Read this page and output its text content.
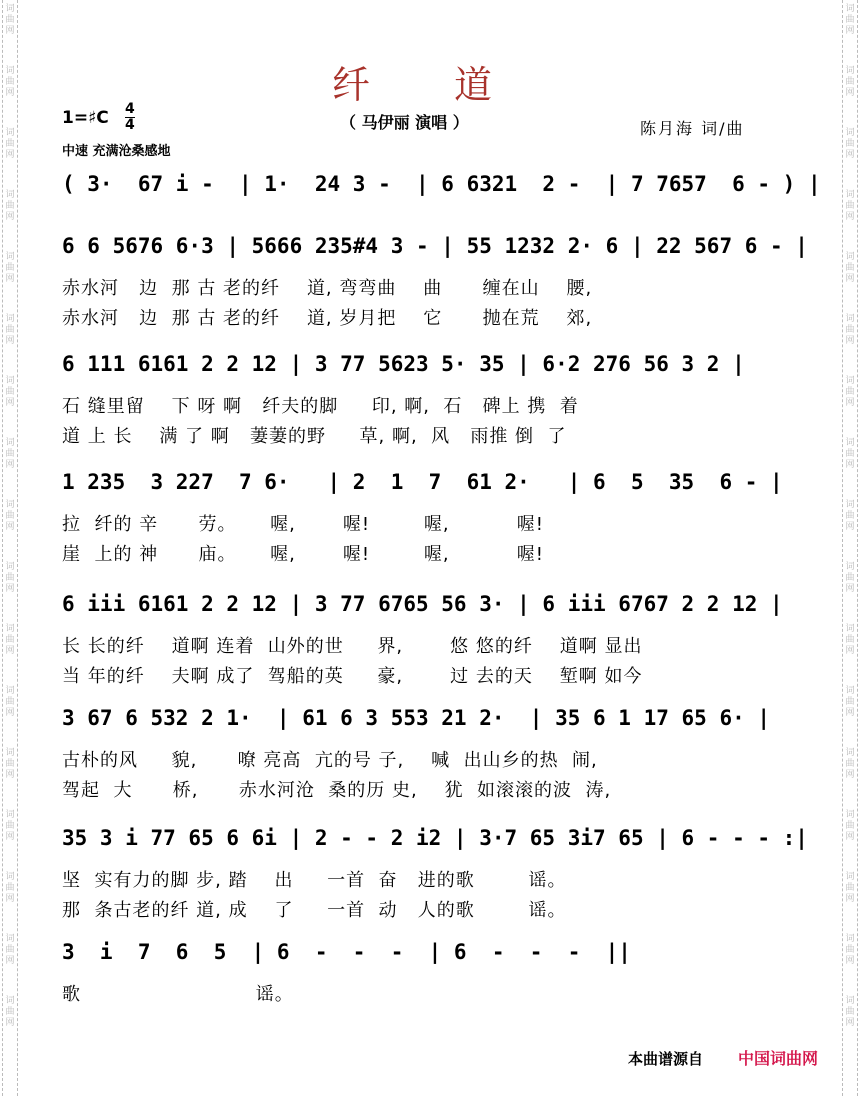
词
曲
网
词
曲
网
词
曲
网
词
曲
网
词
曲
网
词
曲
网
词
曲
网
词
曲
网
词
曲
网
词
曲
网
词
曲
网
词
曲
网
词
曲
网
词
曲
网
词
曲
网
词
曲
网
词
曲
网
词
曲
网
词
曲
网
词
曲
网
词
曲
网
词
曲
网
词
曲
网
词
曲
网
词
曲
网
词
曲
网
词
曲
网
词
曲
网
词
曲
网
词
曲
网
词
曲
网
词
曲
网
词
曲
网
词
曲
网
纤 道
1=♯C 4
4	（ 马伊丽 演唱 ）	陈月海 词/曲
中速 充满沧桑感地
( 3·  67 i -  | 1·  24 3 -  | 6 6321  2 -  | 7 7657  6 - ) |
6 6 5676 6·3 | 5666 235#4 3 - | 55 1232 2· 6 | 22 567 6 - |
赤水河   边  那 古 老的纤    道, 弯弯曲    曲      缠在山    腰,
赤水河   边  那 古 老的纤    道, 岁月把    它      抛在荒    郊,
6 111 6161 2 2 12 | 3 77 5623 5· 35 | 6·2 276 56 3 2 |
石 缝里留    下 呀 啊   纤夫的脚     印, 啊,  石   碑上 携  着
道 上 长    满 了 啊   萋萋的野     草, 啊,  风   雨推 倒  了
1 235  3 227  7 6·   | 2  1  7  61 2·   | 6  5  35  6 - |
拉  纤的 辛      劳。     喔,       喔!        喔,          喔!
崖  上的 神      庙。     喔,       喔!        喔,          喔!
6 iii 6161 2 2 12 | 3 77 6765 56 3· | 6 iii 6767 2 2 12 |
长 长的纤    道啊 连着  山外的世     界,       悠 悠的纤    道啊 显出
当 年的纤    夫啊 成了  驾船的英     豪,       过 去的天    堑啊 如今
3 67 6 532 2 1·  | 61 6 3 553 21 2·  | 35 6 1 17 65 6· |
古朴的风     貌,      嘹 亮高  亢的号 子,    喊  出山乡的热  闹,
驾起  大      桥,      赤水河沧  桑的历 史,    犹  如滚滚的波  涛,
35 3 i 77 65 6 6i | 2 - - 2 i2 | 3·7 65 3i7 65 | 6 - - - :|
坚  实有力的脚 步, 踏    出     一首  奋   进的歌        谣。
那  条古老的纤 道, 成    了     一首  动   人的歌        谣。
3  i  7  6  5  | 6  -  -  -  | 6  -  -  -  ||
歌                          谣。
本曲谱源自 中国词曲网
